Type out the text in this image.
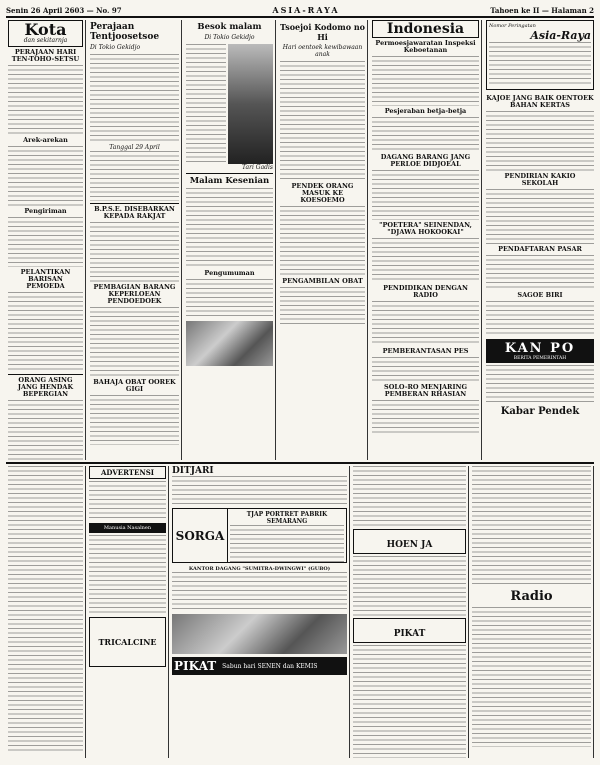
Senin 26 April 2603 — No. 97	ASIA-RAYA	Tahoen ke II — Halaman 2
Kota
dan sekitarnja
PERAJAAN HARI TEN-TOHO-SETSU
Arek-arekan
Pengiriman
PELANTIKAN BARISAN PEMOEDA
ORANG ASING JANG HENDAK BEPERGIAN
Perajaan Tentjoosetsoe
Di Tokio Gekidjo
Tanggal 29 April
B.P.S.E. DISEBARKAN KEPADA RAKJAT
PEMBAGIAN BARANG KEPERLOEAN PENDOEDOEK
BAHAJA OBAT OOREK GIGI
Besok malam
Di Tokio Gekidjo
Tari Gadis
Malam Kesenian
Pengumuman
Tsoejoi Kodomo no Hi
Hari oentoek kewibawaan anak
PENDEK ORANG MASUK KE KOESOEMO
PENGAMBILAN OBAT
Indonesia
Permoesjawaratan Inspeksi Keboetanan
Pesjeraban betja-betja
DAGANG BARANG JANG PERLOE DIDJOEAL
"POETERA" SEINENDAN, "DJAWA HOKOOKAI"
PENDIDIKAN DENGAN RADIO
PEMBERANTASAN PES
SOLO-RO MENJARING PEMBERAN RHASIAN
Nomor Peringatan
Asia-Raya
KAJOE JANG BAIK OENTOEK BAHAN KERTAS
PENDIRIAN KAKIO SEKOLAH
PENDAFTARAN PASAR
SAGOE BIRI
KAN PO
BERITA PEMERINTAH
Kabar Pendek
ADVERTENSI
Manusia Nasalnen
TRICALCINE
DITJARI
SORGA
TJAP PORTRET PABRIK SEMARANG
KANTOR DAGANG "SUMITRA-DWINGWI" (GUBO)
PIKAT Sabun hari SENEN dan KEMIS
HOEN JA
PIKAT
Radio
